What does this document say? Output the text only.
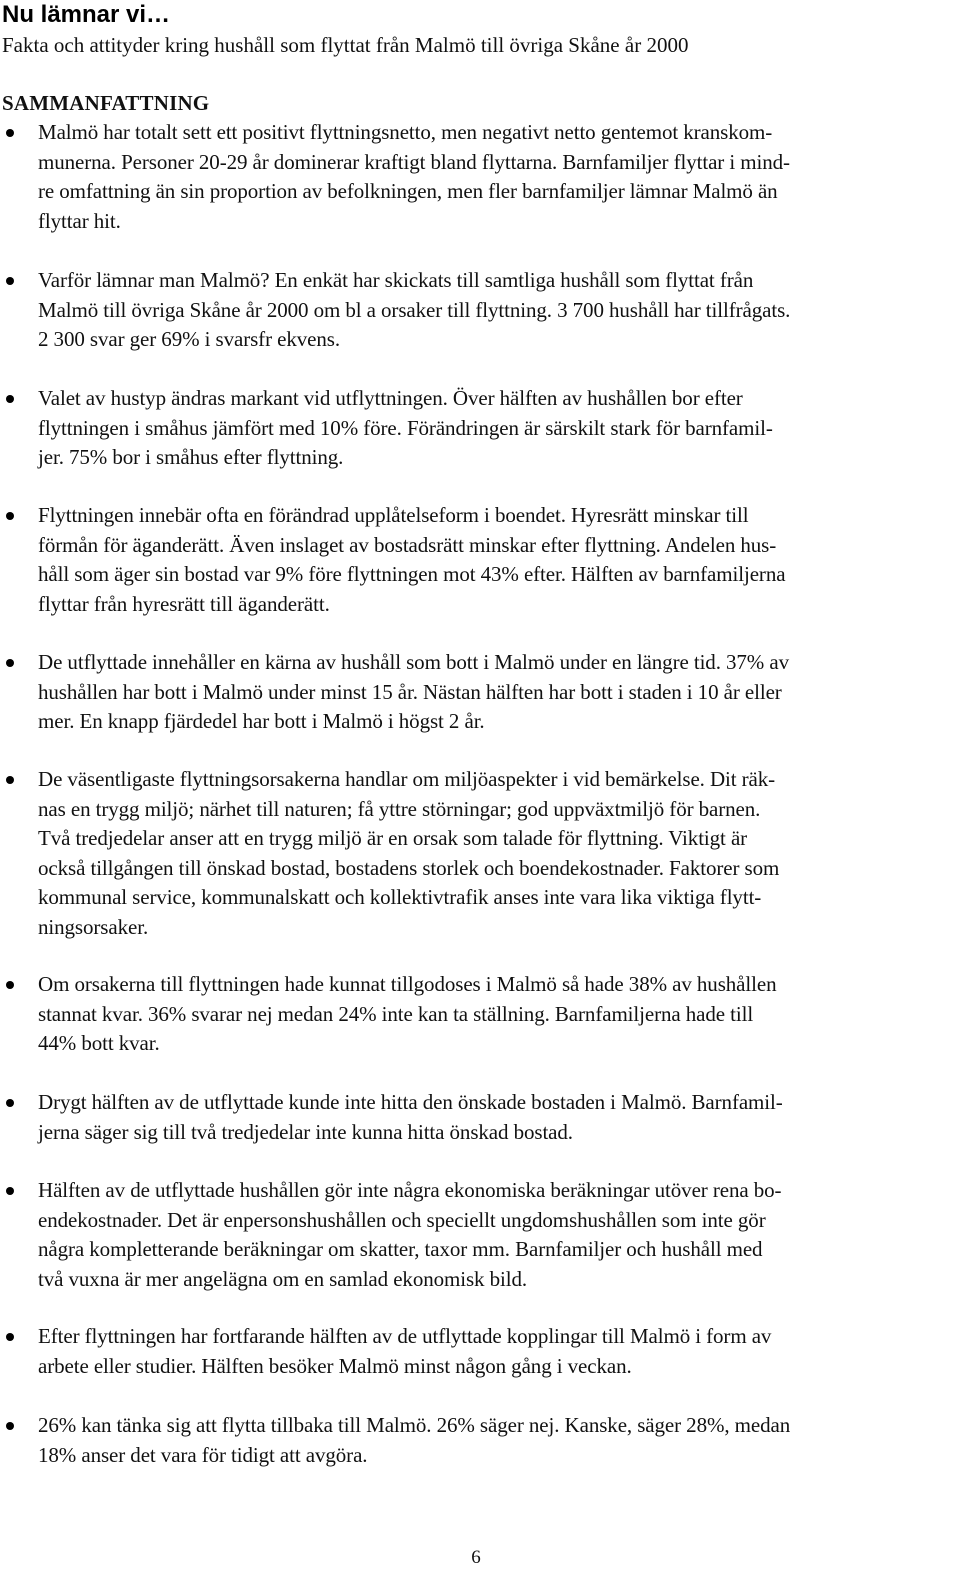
Nu lämnar vi…

Fakta och attityder kring hushåll som flyttat från Malmö till övriga Skåne år 2000

SAMMANFATTNING
Malmö har totalt sett ett positivt flyttningsnetto, men negativt netto gentemot kranskom-
munerna. Personer 20-29 år dominerar kraftigt bland flyttarna. Barnfamiljer flyttar i mind-
re omfattning än sin proportion av befolkningen, men fler barnfamiljer lämnar Malmö än
flyttar hit.
Varför lämnar man Malmö? En enkät har skickats till samtliga hushåll som flyttat från
Malmö till övriga Skåne år 2000 om bl a orsaker till flyttning. 3 700 hushåll har tillfrågats.
2 300 svar ger 69% i svarsfr ekvens.
Valet av hustyp ändras markant vid utflyttningen. Över hälften av hushållen bor efter
flyttningen i småhus jämfört med 10% före. Förändringen är särskilt stark för barnfamil-
jer. 75% bor i småhus efter flyttning.
Flyttningen innebär ofta en förändrad upplåtelseform i boendet. Hyresrätt minskar till
förmån för äganderätt. Även inslaget av bostadsrätt minskar efter flyttning. Andelen hus-
håll som äger sin bostad var 9% före flyttningen mot 43% efter. Hälften av barnfamiljerna
flyttar från hyresrätt till äganderätt.
De utflyttade innehåller en kärna av hushåll som bott i Malmö under en längre tid. 37% av
hushållen har bott i Malmö under minst 15 år. Nästan hälften har bott i staden i 10 år eller
mer. En knapp fjärdedel har bott i Malmö i högst 2 år.
De väsentligaste flyttningsorsakerna handlar om miljöaspekter i vid bemärkelse. Dit räk-
nas en trygg miljö; närhet till naturen; få yttre störningar; god uppväxtmiljö för barnen.
Två tredjedelar anser att en trygg miljö är en orsak som talade för flyttning. Viktigt är
också tillgången till önskad bostad, bostadens storlek och boendekostnader. Faktorer som
kommunal service, kommunalskatt och kollektivtrafik anses inte vara lika viktiga flytt-
ningsorsaker.
Om orsakerna till flyttningen hade kunnat tillgodoses i Malmö så hade 38% av hushållen
stannat kvar. 36% svarar nej medan 24% inte kan ta ställning. Barnfamiljerna hade till
44% bott kvar.
Drygt hälften av de utflyttade kunde inte hitta den önskade bostaden i Malmö. Barnfamil-
jerna säger sig till två tredjedelar inte kunna hitta önskad bostad.
Hälften av de utflyttade hushållen gör inte några ekonomiska beräkningar utöver rena bo-
endekostnader. Det är enpersonshushållen och speciellt ungdomshushållen som inte gör
några kompletterande beräkningar om skatter, taxor mm. Barnfamiljer och hushåll med
två vuxna är mer angelägna om en samlad ekonomisk bild.
Efter flyttningen har fortfarande hälften av de utflyttade kopplingar till Malmö i form av
arbete eller studier. Hälften besöker Malmö minst någon gång i veckan.
26% kan tänka sig att flytta tillbaka till Malmö. 26% säger nej. Kanske, säger 28%, medan
18% anser det vara för tidigt att avgöra.
6
